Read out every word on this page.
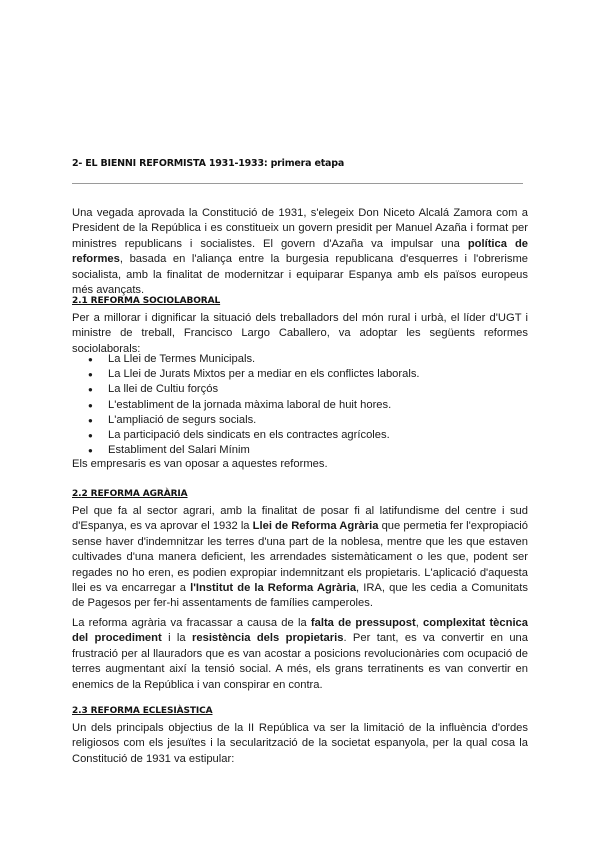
2- EL BIENNI REFORMISTA 1931-1933: primera etapa

Una vegada aprovada la Constitució de 1931, s'elegeix Don Niceto Alcalá Zamora com a President de la República i es constitueix un govern presidit per Manuel Azaña i format per ministres republicans i socialistes. El govern d'Azaña va impulsar una política de reformes, basada en l'aliança entre la burgesia republicana d'esquerres i l'obrerisme socialista, amb la finalitat de modernitzar i equiparar Espanya amb els països europeus més avançats.

2.1 REFORMA SOCIOLABORAL

Per a millorar i dignificar la situació dels treballadors del món rural i urbà, el líder d'UGT i ministre de treball, Francisco Largo Caballero, va adoptar les següents reformes sociolaborals:

● La Llei de Termes Municipals.
● La Llei de Jurats Mixtos per a mediar en els conflictes laborals.
● La llei de Cultiu forçós
● L'establiment de la jornada màxima laboral de huit hores.
● L'ampliació de segurs socials.
● La participació dels sindicats en els contractes agrícoles.
● Establiment del Salari Mínim

Els empresaris es van oposar a aquestes reformes.

2.2 REFORMA AGRÀRIA

Pel que fa al sector agrari, amb la finalitat de posar fi al latifundisme del centre i sud d'Espanya, es va aprovar el 1932 la Llei de Reforma Agrària que permetia fer l'expropiació sense haver d'indemnitzar les terres d'una part de la noblesa, mentre que les que estaven cultivades d'una manera deficient, les arrendades sistemàticament o les que, podent ser regades no ho eren, es podien expropiar indemnitzant els propietaris. L'aplicació d'aquesta llei es va encarregar a l'Institut de la Reforma Agrària, IRA, que les cedia a Comunitats de Pagesos per fer-hi assentaments de famílies camperoles.

La reforma agrària va fracassar a causa de la falta de pressupost, complexitat tècnica del procediment i la resistència dels propietaris. Per tant, es va convertir en una frustració per al llauradors que es van acostar a posicions revolucionàries com ocupació de terres augmentant així la tensió social. A més, els grans terratinents es van convertir en enemics de la República i van conspirar en contra.

2.3 REFORMA ECLESIÀSTICA

Un dels principals objectius de la II República va ser la limitació de la influència d'ordes religiosos com els jesuïtes i la secularització de la societat espanyola, per la qual cosa la Constitució de 1931 va estipular:
